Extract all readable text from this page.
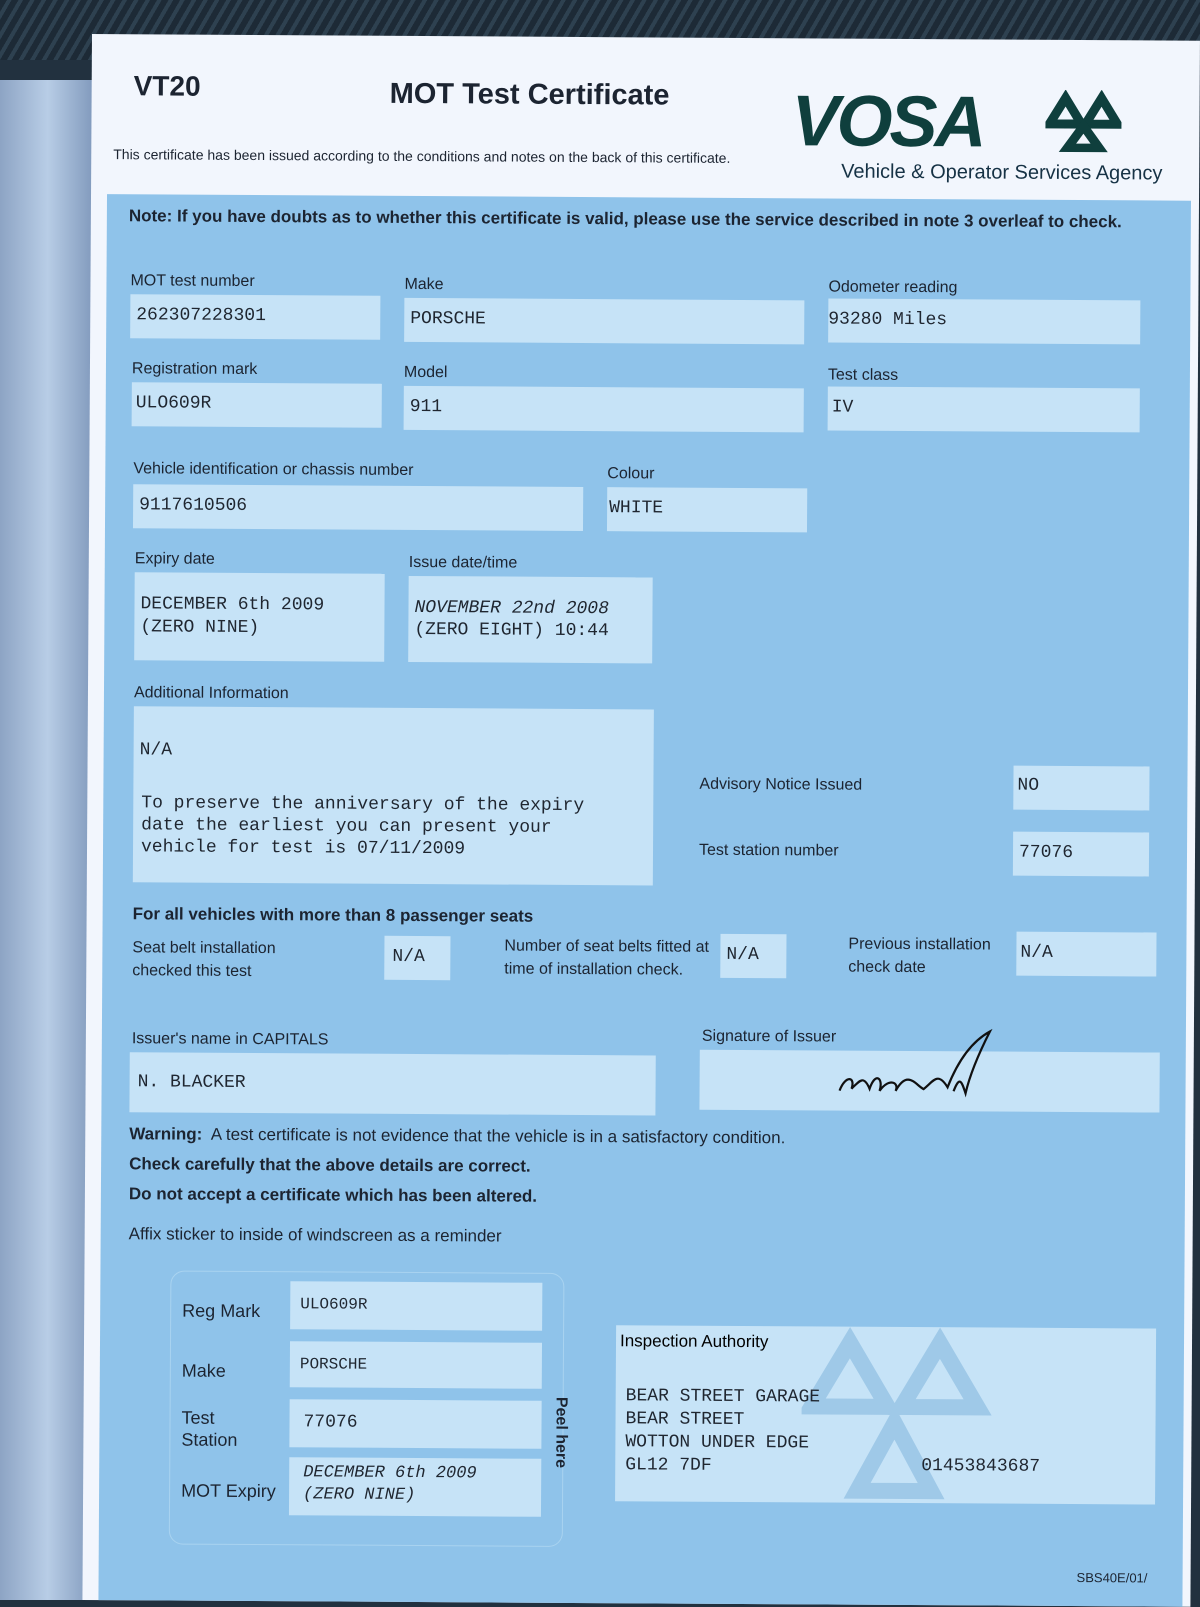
VT20	MOT Test Certificate
This certificate has been issued according to the conditions and notes on the back of this certificate. VOSA
Vehicle & Operator Services Agency
Note: If you have doubts as to whether this certificate is valid, please use the service described in note 3 overleaf to check.
MOT test number
262307228301
Make
PORSCHE
Odometer reading
93280 Miles
Registration mark
ULO609R
Model
911
Test class
IV
Vehicle identification or chassis number
9117610506
Colour
WHITE
Expiry date
DECEMBER 6th 2009
(ZERO NINE)
Issue date/time
NOVEMBER 22nd 2008
(ZERO EIGHT) 10:44
Additional Information
N/A
To preserve the anniversary of the expiry
date the earliest you can present your
vehicle for test is 07/11/2009
Advisory Notice Issued	NO
Test station number	77076
For all vehicles with more than 8 passenger seats
Seat belt installation
checked this test
N/A
Number of seat belts fitted at
time of installation check.
N/A
Previous installation
check date
N/A
Issuer's name in CAPITALS
N. BLACKER
Signature of Issuer
Warning: A test certificate is not evidence that the vehicle is in a satisfactory condition.
Check carefully that the above details are correct.
Do not accept a certificate which has been altered.
Affix sticker to inside of windscreen as a reminder
Reg Mark ULO609R
Make	PORSCHE
Test
Station
77076
MOT Expiry
DECEMBER 6th 2009
(ZERO NINE)
Peel here
Inspection Authority
BEAR STREET GARAGE
BEAR STREET
WOTTON UNDER EDGE
GL12 7DF	01453843687
SBS40E/01/
